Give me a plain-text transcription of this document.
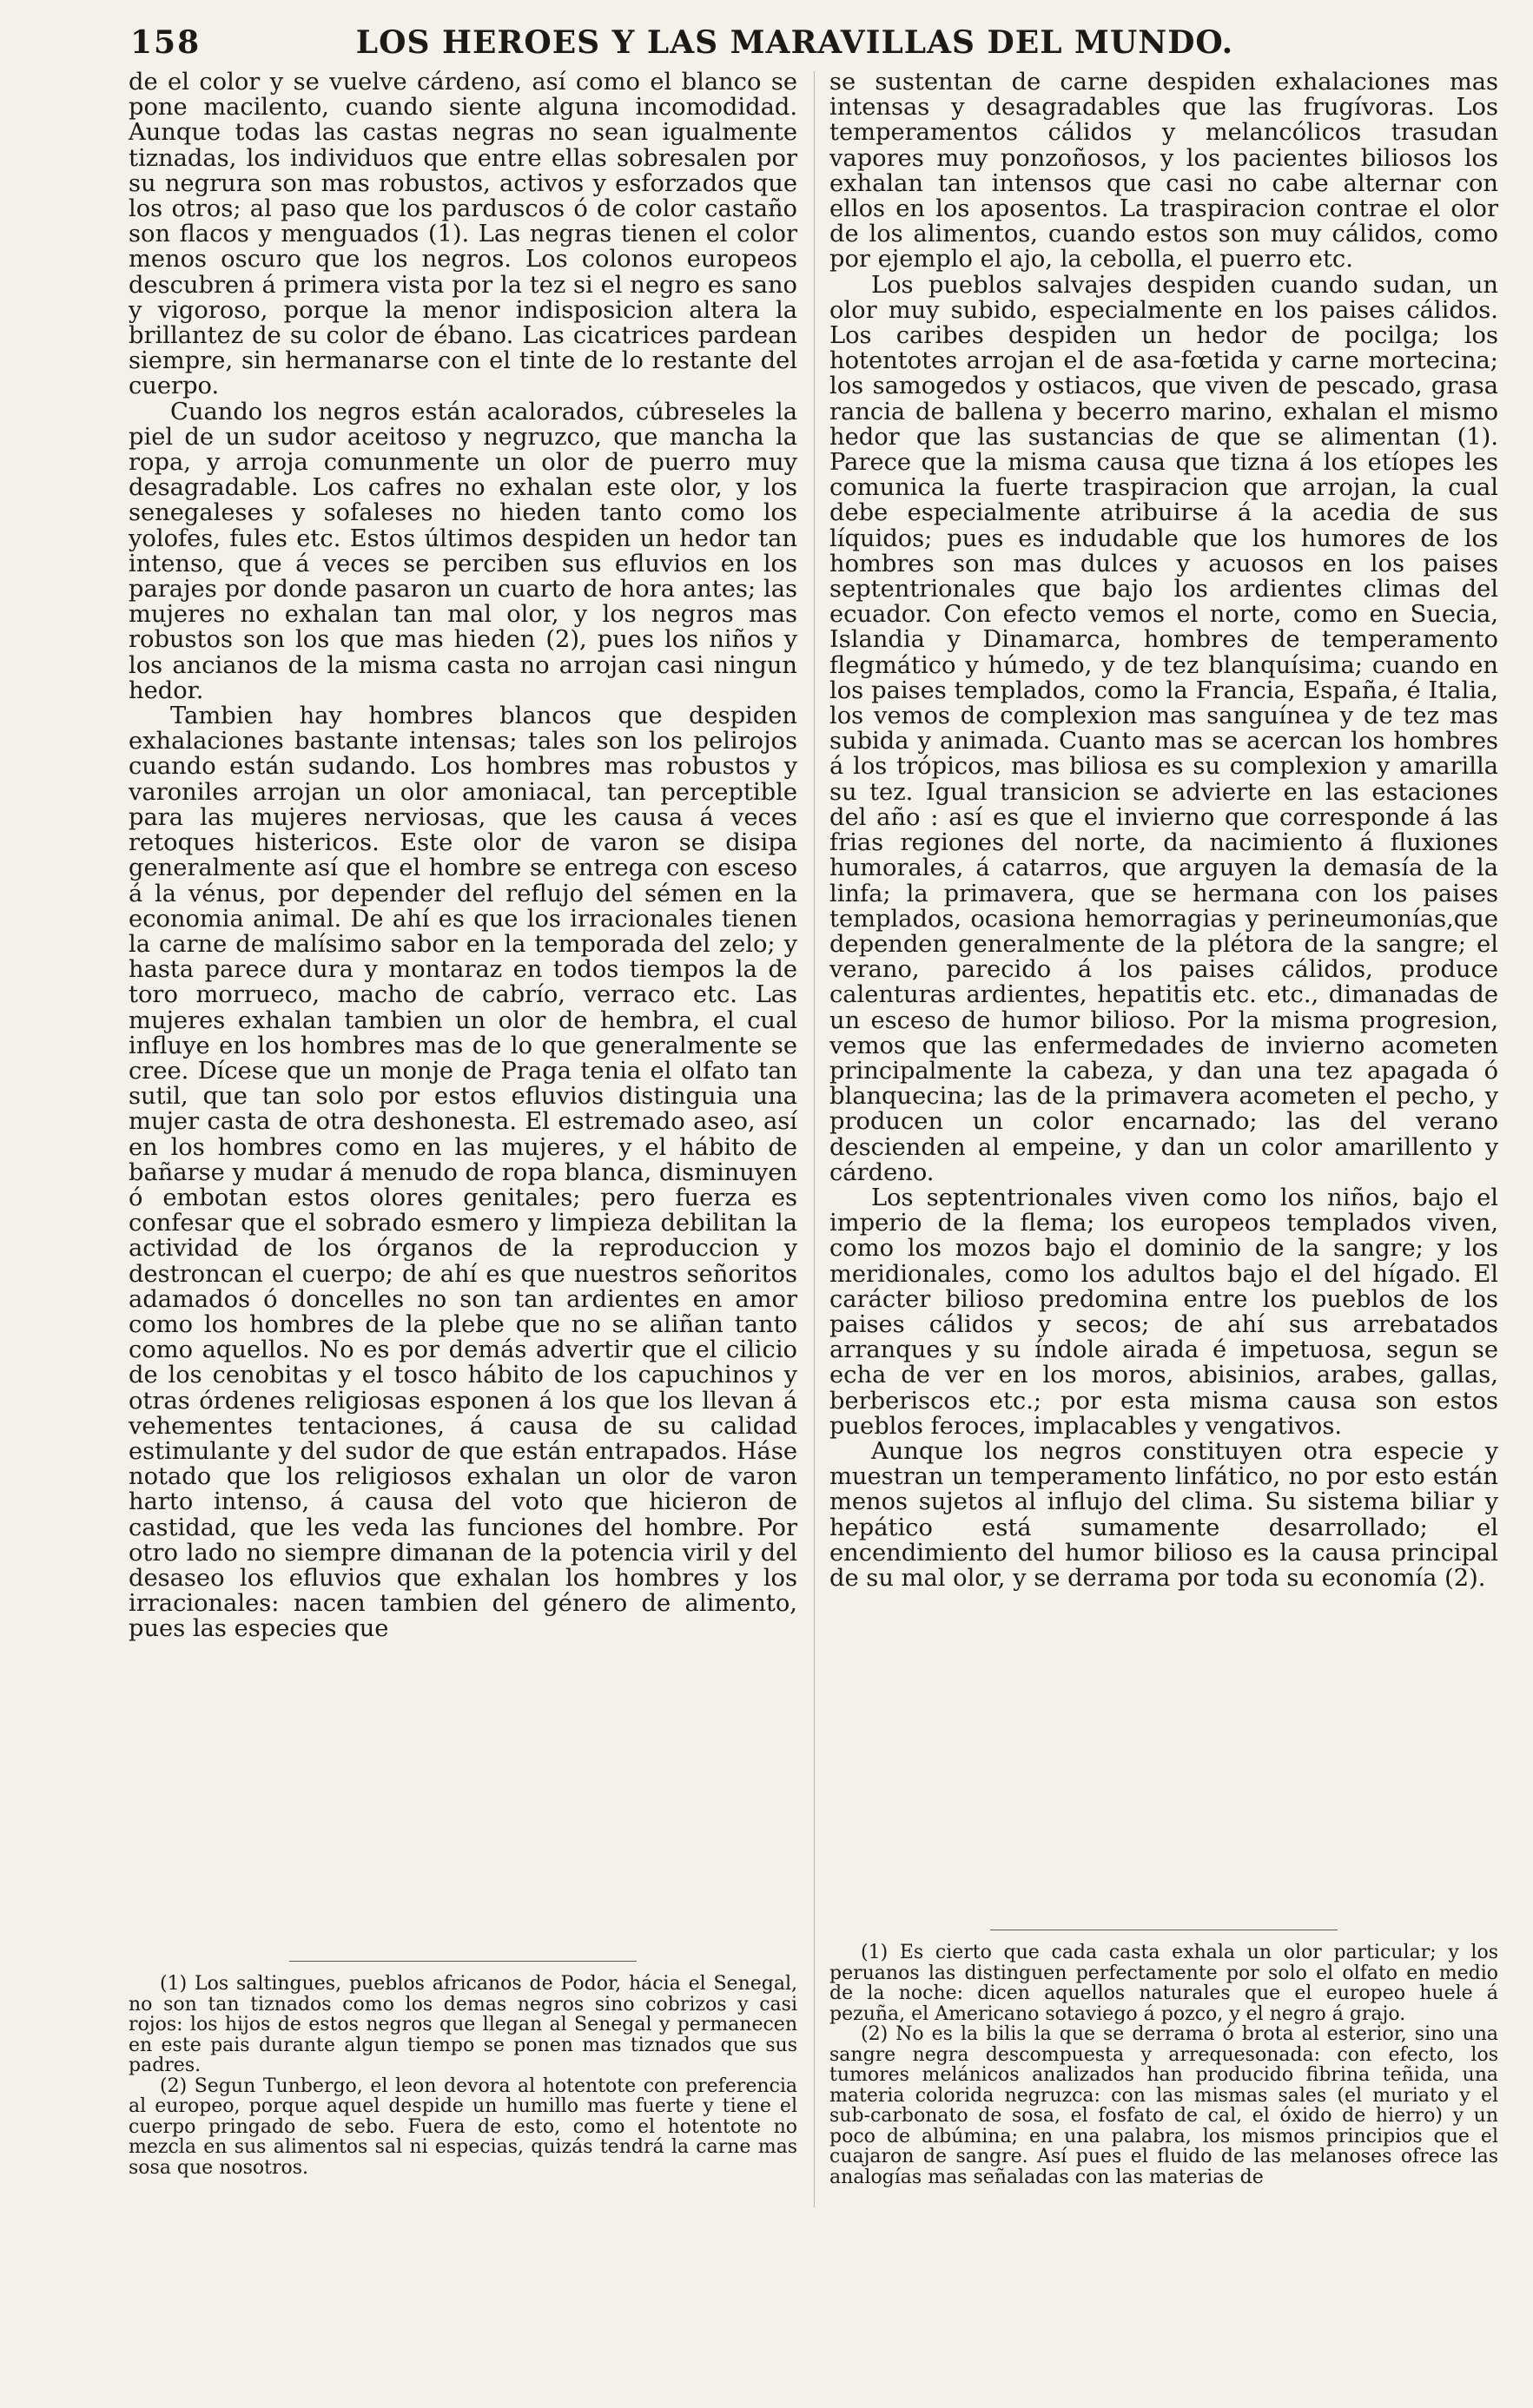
158	LOS HEROES Y LAS MARAVILLAS DEL MUNDO.

de el color y se vuelve cárdeno, así como el blanco se pone macilento, cuando siente alguna incomodidad. Aunque todas las castas negras no sean igualmente tiznadas, los individuos que entre ellas sobresalen por su negrura son mas robustos, activos y esforzados que los otros; al paso que los parduscos ó de color castaño son flacos y menguados (1). Las negras tienen el color menos oscuro que los negros. Los colonos europeos descubren á primera vista por la tez si el negro es sano y vigoroso, porque la menor indisposicion altera la brillantez de su color de ébano. Las cicatrices pardean siempre, sin hermanarse con el tinte de lo restante del cuerpo.

Cuando los negros están acalorados, cúbreseles la piel de un sudor aceitoso y negruzco, que mancha la ropa, y arroja comunmente un olor de puerro muy desagradable. Los cafres no exhalan este olor, y los senegaleses y sofaleses no hieden tanto como los yolofes, fules etc. Estos últimos despiden un hedor tan intenso, que á veces se perciben sus efluvios en los parajes por donde pasaron un cuarto de hora antes; las mujeres no exhalan tan mal olor, y los negros mas robustos son los que mas hieden (2), pues los niños y los ancianos de la misma casta no arrojan casi ningun hedor.

Tambien hay hombres blancos que despiden exhalaciones bastante intensas; tales son los pelirojos cuando están sudando. Los hombres mas robustos y varoniles arrojan un olor amoniacal, tan perceptible para las mujeres nerviosas, que les causa á veces retoques histericos. Este olor de varon se disipa generalmente así que el hombre se entrega con esceso á la vénus, por depender del reflujo del sémen en la economia animal. De ahí es que los irracionales tienen la carne de malísimo sabor en la temporada del zelo; y hasta parece dura y montaraz en todos tiempos la de toro morrueco, macho de cabrío, verraco etc. Las mujeres exhalan tambien un olor de hembra, el cual influye en los hombres mas de lo que generalmente se cree. Dícese que un monje de Praga tenia el olfato tan sutil, que tan solo por estos efluvios distinguia una mujer casta de otra deshonesta. El estremado aseo, así en los hombres como en las mujeres, y el hábito de bañarse y mudar á menudo de ropa blanca, disminuyen ó embotan estos olores genitales; pero fuerza es confesar que el sobrado esmero y limpieza debilitan la actividad de los órganos de la reproduccion y destroncan el cuerpo; de ahí es que nuestros señoritos adamados ó doncelles no son tan ardientes en amor como los hombres de la plebe que no se aliñan tanto como aquellos. No es por demás advertir que el cilicio de los cenobitas y el tosco hábito de los capuchinos y otras órdenes religiosas esponen á los que los llevan á vehementes tentaciones, á causa de su calidad estimulante y del sudor de que están entrapados. Háse notado que los religiosos exhalan un olor de varon harto intenso, á causa del voto que hicieron de castidad, que les veda las funciones del hombre. Por otro lado no siempre dimanan de la potencia viril y del desaseo los efluvios que exhalan los hombres y los irracionales: nacen tambien del género de alimento, pues las especies que

se sustentan de carne despiden exhalaciones mas intensas y desagradables que las frugívoras. Los temperamentos cálidos y melancólicos trasudan vapores muy ponzoñosos, y los pacientes biliosos los exhalan tan intensos que casi no cabe alternar con ellos en los aposentos. La traspiracion contrae el olor de los alimentos, cuando estos son muy cálidos, como por ejemplo el ajo, la cebolla, el puerro etc.

Los pueblos salvajes despiden cuando sudan, un olor muy subido, especialmente en los paises cálidos. Los caribes despiden un hedor de pocilga; los hotentotes arrojan el de asa-fœtida y carne mortecina; los samogedos y ostiacos, que viven de pescado, grasa rancia de ballena y becerro marino, exhalan el mismo hedor que las sustancias de que se alimentan (1). Parece que la misma causa que tizna á los etíopes les comunica la fuerte traspiracion que arrojan, la cual debe especialmente atribuirse á la acedia de sus líquidos; pues es indudable que los humores de los hombres son mas dulces y acuosos en los paises septentrionales que bajo los ardientes climas del ecuador. Con efecto vemos el norte, como en Suecia, Islandia y Dinamarca, hombres de temperamento flegmático y húmedo, y de tez blanquísima; cuando en los paises templados, como la Francia, España, é Italia, los vemos de complexion mas sanguínea y de tez mas subida y animada. Cuanto mas se acercan los hombres á los trópicos, mas biliosa es su complexion y amarilla su tez. Igual transicion se advierte en las estaciones del año : así es que el invierno que corresponde á las frias regiones del norte, da nacimiento á fluxiones humorales, á catarros, que arguyen la demasía de la linfa; la primavera, que se hermana con los paises templados, ocasiona hemorragias y perineumonías,que dependen generalmente de la plétora de la sangre; el verano, parecido á los paises cálidos, produce calenturas ardientes, hepatitis etc. etc., dimanadas de un esceso de humor bilioso. Por la misma progresion, vemos que las enfermedades de invierno acometen principalmente la cabeza, y dan una tez apagada ó blanquecina; las de la primavera acometen el pecho, y producen un color encarnado; las del verano descienden al empeine, y dan un color amarillento y cárdeno.

Los septentrionales viven como los niños, bajo el imperio de la flema; los europeos templados viven, como los mozos bajo el dominio de la sangre; y los meridionales, como los adultos bajo el del hígado. El carácter bilioso predomina entre los pueblos de los paises cálidos y secos; de ahí sus arrebatados arranques y su índole airada é impetuosa, segun se echa de ver en los moros, abisinios, arabes, gallas, berberiscos etc.; por esta misma causa son estos pueblos feroces, implacables y vengativos.

Aunque los negros constituyen otra especie y muestran un temperamento linfático, no por esto están menos sujetos al influjo del clima. Su sistema biliar y hepático está sumamente desarrollado; el encendimiento del humor bilioso es la causa principal de su mal olor, y se derrama por toda su economía (2).

(1) Los saltingues, pueblos africanos de Podor, hácia el Senegal, no son tan tiznados como los demas negros sino cobrizos y casi rojos: los hijos de estos negros que llegan al Senegal y permanecen en este pais durante algun tiempo se ponen mas tiznados que sus padres.

(2) Segun Tunbergo, el leon devora al hotentote con preferencia al europeo, porque aquel despide un humillo mas fuerte y tiene el cuerpo pringado de sebo. Fuera de esto, como el hotentote no mezcla en sus alimentos sal ni especias, quizás tendrá la carne mas sosa que nosotros.

(1) Es cierto que cada casta exhala un olor particular; y los peruanos las distinguen perfectamente por solo el olfato en medio de la noche: dicen aquellos naturales que el europeo huele á pezuña, el Americano sotaviego á pozco, y el negro á grajo.

(2) No es la bilis la que se derrama ó brota al esterior, sino una sangre negra descompuesta y arrequesonada: con efecto, los tumores melánicos analizados han producido fibrina teñida, una materia colorida negruzca: con las mismas sales (el muriato y el sub-carbonato de sosa, el fosfato de cal, el óxido de hierro) y un poco de albúmina; en una palabra, los mismos principios que el cuajaron de sangre. Así pues el fluido de las melanoses ofrece las analogías mas señaladas con las materias de
